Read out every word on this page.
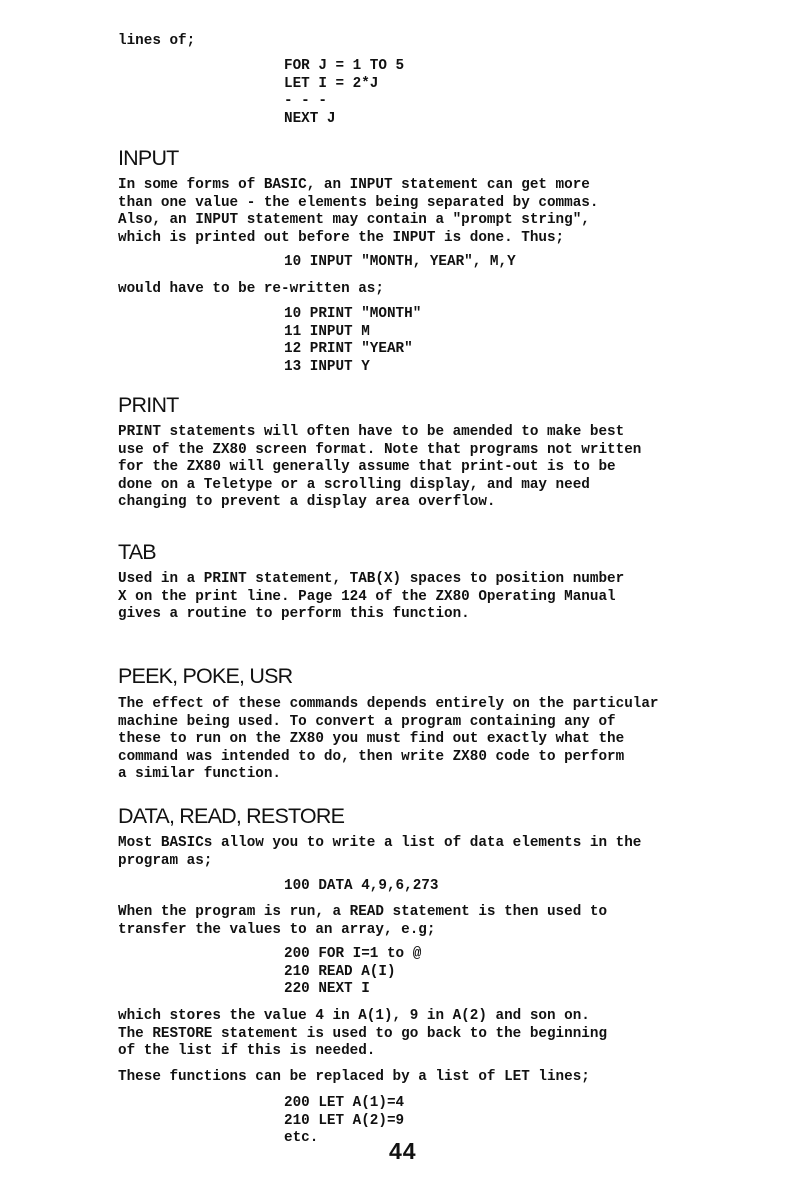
lines of;
FOR J = 1 TO 5
LET I = 2*J
- - -
NEXT J
INPUT
In some forms of BASIC, an INPUT statement can get more
than one value - the elements being separated by commas.
Also, an INPUT statement may contain a "prompt string",
which is printed out before the INPUT is done. Thus;
10 INPUT "MONTH, YEAR", M,Y
would have to be re-written as;
10 PRINT "MONTH"
11 INPUT M
12 PRINT "YEAR"
13 INPUT Y
PRINT
PRINT statements will often have to be amended to make best
use of the ZX80 screen format. Note that programs not written
for the ZX80 will generally assume that print-out is to be
done on a Teletype or a scrolling display, and may need
changing to prevent a display area overflow.
TAB
Used in a PRINT statement, TAB(X) spaces to position number
X on the print line. Page 124 of the ZX80 Operating Manual
gives a routine to perform this function.
PEEK, POKE, USR
The effect of these commands depends entirely on the particular
machine being used. To convert a program containing any of
these to run on the ZX80 you must find out exactly what the
command was intended to do, then write ZX80 code to perform
a similar function.
DATA, READ, RESTORE
Most BASICs allow you to write a list of data elements in the
program as;
100 DATA 4,9,6,273
When the program is run, a READ statement is then used to
transfer the values to an array, e.g;
200 FOR I=1 to @
210 READ A(I)
220 NEXT I
which stores the value 4 in A(1), 9 in A(2) and son on.
The RESTORE statement is used to go back to the beginning
of the list if this is needed.
These functions can be replaced by a list of LET lines;
200 LET A(1)=4
210 LET A(2)=9
etc.	44
